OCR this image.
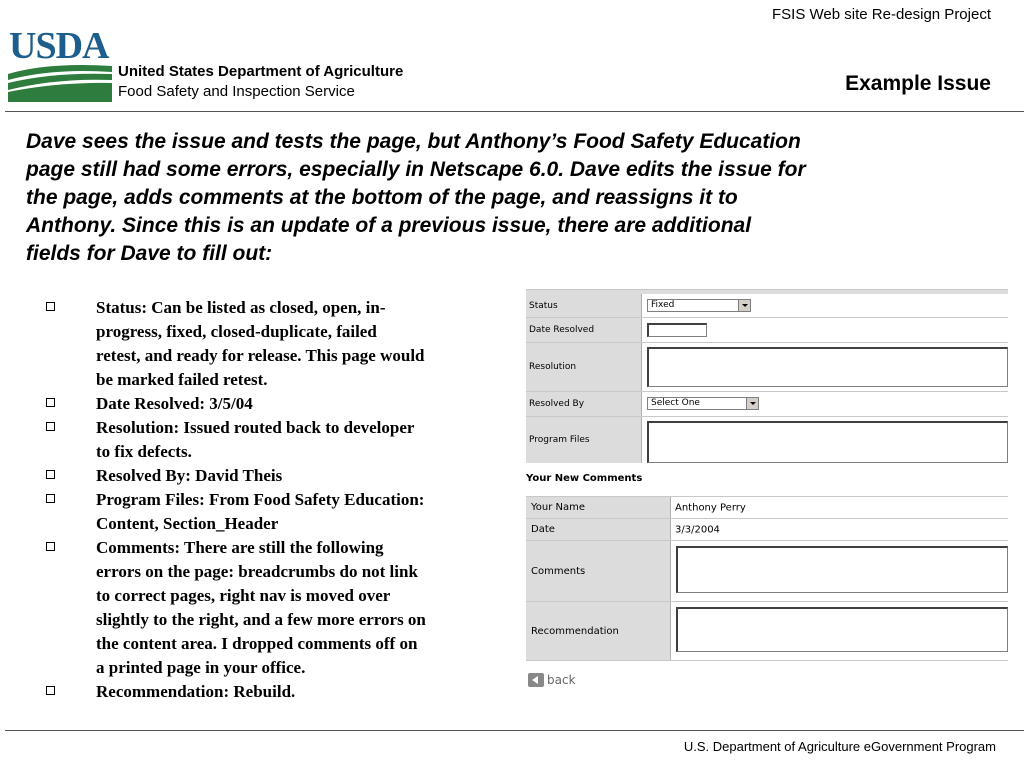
FSIS Web site Re-design Project
USDA
United States Department of Agriculture
Food Safety and Inspection Service	Example Issue
Dave sees the issue and tests the page, but Anthony’s Food Safety Education
page still had some errors, especially in Netscape 6.0. Dave edits the issue for
the page, adds comments at the bottom of the page, and reassigns it to
Anthony. Since this is an update of a previous issue, there are additional
fields for Dave to fill out:
Status: Can be listed as closed, open, in-
progress, fixed, closed-duplicate, failed
retest, and ready for release. This page would
be marked failed retest.
Date Resolved: 3/5/04
Resolution: Issued routed back to developer
to fix defects.
Resolved By: David Theis
Program Files: From Food Safety Education:
Content, Section_Header
Comments: There are still the following
errors on the page: breadcrumbs do not link
to correct pages, right nav is moved over
slightly to the right, and a few more errors on
the content area. I dropped comments off on
a printed page in your office.
Recommendation: Rebuild.
Status	Fixed
Date Resolved
Resolution
Resolved By	Select One
Program Files
Your New Comments
Your Name	Anthony Perry
Date	3/3/2004
Comments
Recommendation
back
U.S. Department of Agriculture eGovernment Program
